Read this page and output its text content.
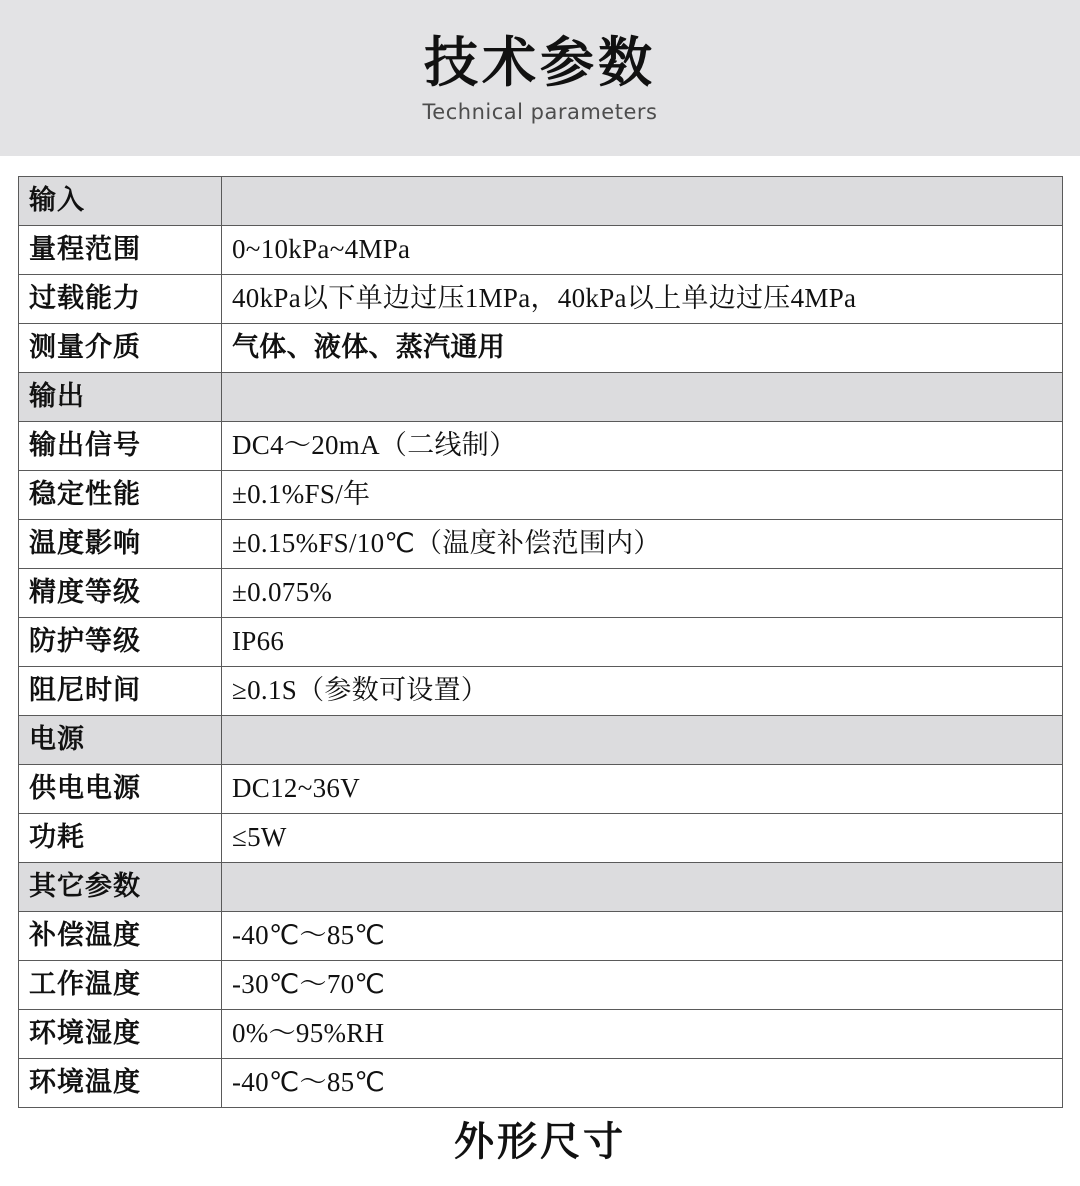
技术参数
Technical parameters
输入	
量程范围	0~10kPa~4MPa
过载能力	40kPa以下单边过压1MPa，40kPa以上单边过压4MPa
测量介质	气体、液体、蒸汽通用
输出	
输出信号	DC4～20mA（二线制）
稳定性能	±0.1%FS/年
温度影响	±0.15%FS/10℃（温度补偿范围内）
精度等级	±0.075%
防护等级	IP66
阻尼时间	≥0.1S（参数可设置）
电源	
供电电源	DC12~36V
功耗	≤5W
其它参数	
补偿温度	-40℃～85℃
工作温度	-30℃～70℃
环境湿度	0%～95%RH
环境温度	-40℃～85℃
外形尺寸
